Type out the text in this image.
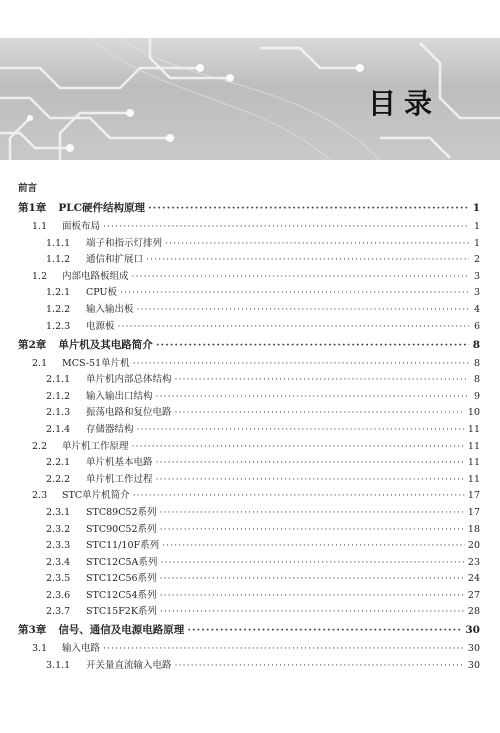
目录
前言
第1章 PLC硬件结构原理 ·····	1
1.1 面板布局 ·····	1
1.1.1 端子和指示灯排列 ·····	1
1.1.2 通信和扩展口 ·····	2
1.2 内部电路板组成 ·····	3
1.2.1 CPU板 ·····	3
1.2.2 输入输出板 ·····	4
1.2.3 电源板 ·····	6
第2章 单片机及其电路简介 ·····	8
2.1 MCS-51单片机 ·····	8
2.1.1 单片机内部总体结构 ·····	8
2.1.2 输入输出口结构 ·····	9
2.1.3 振荡电路和复位电路 ·····	10
2.1.4 存储器结构 ·····	11
2.2 单片机工作原理 ·····	11
2.2.1 单片机基本电路 ·····	11
2.2.2 单片机工作过程 ·····	11
2.3 STC单片机简介 ·····	17
2.3.1 STC89C52系列 ·····	17
2.3.2 STC90C52系列 ·····	18
2.3.3 STC11/10F系列 ·····	20
2.3.4 STC12C5A系列 ·····	23
2.3.5 STC12C56系列 ·····	24
2.3.6 STC12C54系列 ·····	27
2.3.7 STC15F2K系列 ·····	28
第3章 信号、通信及电源电路原理 ·····	30
3.1 输入电路 ·····	30
3.1.1 开关量直流输入电路 ·····	30
